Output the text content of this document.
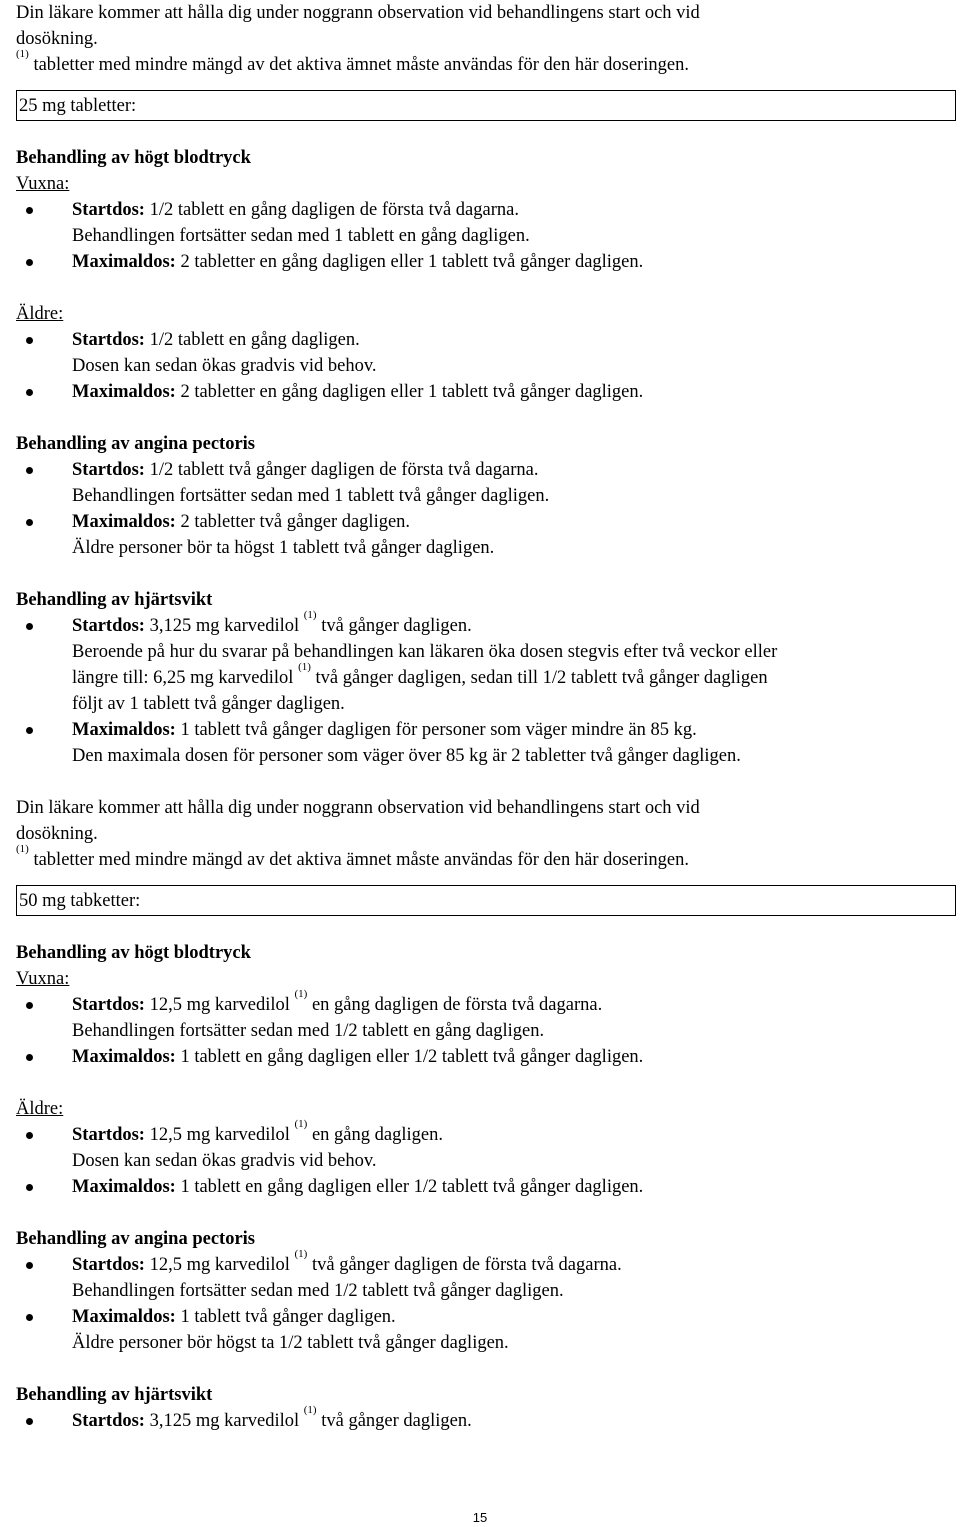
Din läkare kommer att hålla dig under noggrann observation vid behandlingens start och vid
dosökning.
$^{(1)}$ tabletter med mindre mängd av det aktiva ämnet måste användas för den här doseringen.

25 mg tabletter:
Behandling av högt blodtryck
Vuxna:
Startdos: 1/2 tablett en gång dagligen de första två dagarna.
Behandlingen fortsätter sedan med 1 tablett en gång dagligen.
Maximaldos: 2 tabletter en gång dagligen eller 1 tablett två gånger dagligen.
Äldre:
Startdos: 1/2 tablett en gång dagligen.
Dosen kan sedan ökas gradvis vid behov.
Maximaldos: 2 tabletter en gång dagligen eller 1 tablett två gånger dagligen.
Behandling av angina pectoris
Startdos: 1/2 tablett två gånger dagligen de första två dagarna.
Behandlingen fortsätter sedan med 1 tablett två gånger dagligen.
Maximaldos: 2 tabletter två gånger dagligen.
Äldre personer bör ta högst 1 tablett två gånger dagligen.
Behandling av hjärtsvikt
Startdos: 3,125 mg karvedilol $^{(1)}$ två gånger dagligen.
Beroende på hur du svarar på behandlingen kan läkaren öka dosen stegvis efter två veckor eller
längre till: 6,25 mg karvedilol $^{(1)}$ två gånger dagligen, sedan till 1/2 tablett två gånger dagligen
följt av 1 tablett två gånger dagligen.
Maximaldos: 1 tablett två gånger dagligen för personer som väger mindre än 85 kg.
Den maximala dosen för personer som väger över 85 kg är 2 tabletter två gånger dagligen.

Din läkare kommer att hålla dig under noggrann observation vid behandlingens start och vid
dosökning.
$^{(1)}$ tabletter med mindre mängd av det aktiva ämnet måste användas för den här doseringen.

50 mg tabketter:
Behandling av högt blodtryck
Vuxna:
Startdos: 12,5 mg karvedilol $^{(1)}$ en gång dagligen de första två dagarna.
Behandlingen fortsätter sedan med 1/2 tablett en gång dagligen.
Maximaldos: 1 tablett en gång dagligen eller 1/2 tablett två gånger dagligen.
Äldre:
Startdos: 12,5 mg karvedilol $^{(1)}$ en gång dagligen.
Dosen kan sedan ökas gradvis vid behov.
Maximaldos: 1 tablett en gång dagligen eller 1/2 tablett två gånger dagligen.
Behandling av angina pectoris
Startdos: 12,5 mg karvedilol $^{(1)}$ två gånger dagligen de första två dagarna.
Behandlingen fortsätter sedan med 1/2 tablett två gånger dagligen.
Maximaldos: 1 tablett två gånger dagligen.
Äldre personer bör högst ta 1/2 tablett två gånger dagligen.
Behandling av hjärtsvikt
Startdos: 3,125 mg karvedilol $^{(1)}$ två gånger dagligen.
15
